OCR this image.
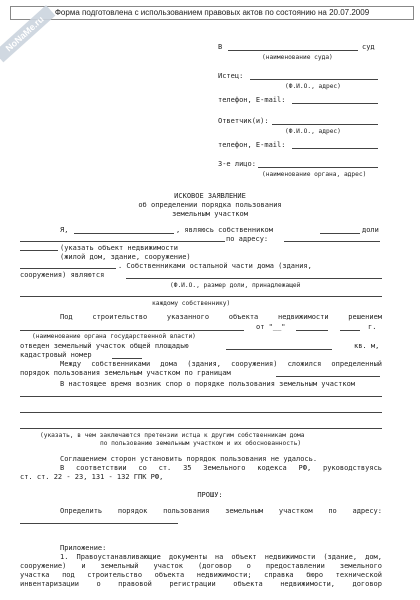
Форма подготовлена с использованием правовых актов по состоянию на 20.07.2009
NoNaMe.ru	В	суд
(наименование суда)
Истец:
(Ф.И.О., адрес)
телефон, E-mail:
Ответчик(и):
(Ф.И.О., адрес)
телефон, E-mail:
3-е лицо:
(наименование органа, адрес)
ИСКОВОЕ ЗАЯВЛЕНИЕ
об определении порядка пользования
земельным участком
Я,	, являюсь собственником	доли
по адресу:
(указать объект недвижимости
(жилой дом, здание, сооружение)
. Собственниками остальной части дома (здания,
сооружения) являются
(Ф.И.О., размер доли, принадлежащей
каждому собственнику)
Под строительство указанного объекта недвижимости решением
от "__"	г.
(наименование органа государственной власти)
отведен земельный участок общей площадью	кв. м,
кадастровый номер
Между собственниками дома (здания, сооружения) сложился определенный
порядок пользования земельным участком по границам
В настоящее время возник спор о порядке пользования земельным участком
(указать, в чем заключаются претензии истца к другим собственникам дома
по пользованию земельным участком и их обоснованность)
Соглашением сторон установить порядок пользования не удалось.
В соответствии со ст. 35 Земельного кодекса РФ, руководствуясь
ст. ст. 22 - 23, 131 - 132 ГПК РФ,
ПРОШУ:
Определить порядок пользования земельным участком по адресу:
Приложение:
1. Правоустанавливающие документы на объект недвижимости (здание, дом,
сооружение) и земельный участок (договор о предоставлении земельного
участка под строительство объекта недвижимости; справка бюро технической
инвентаризации о правовой регистрации объекта недвижимости, договор
